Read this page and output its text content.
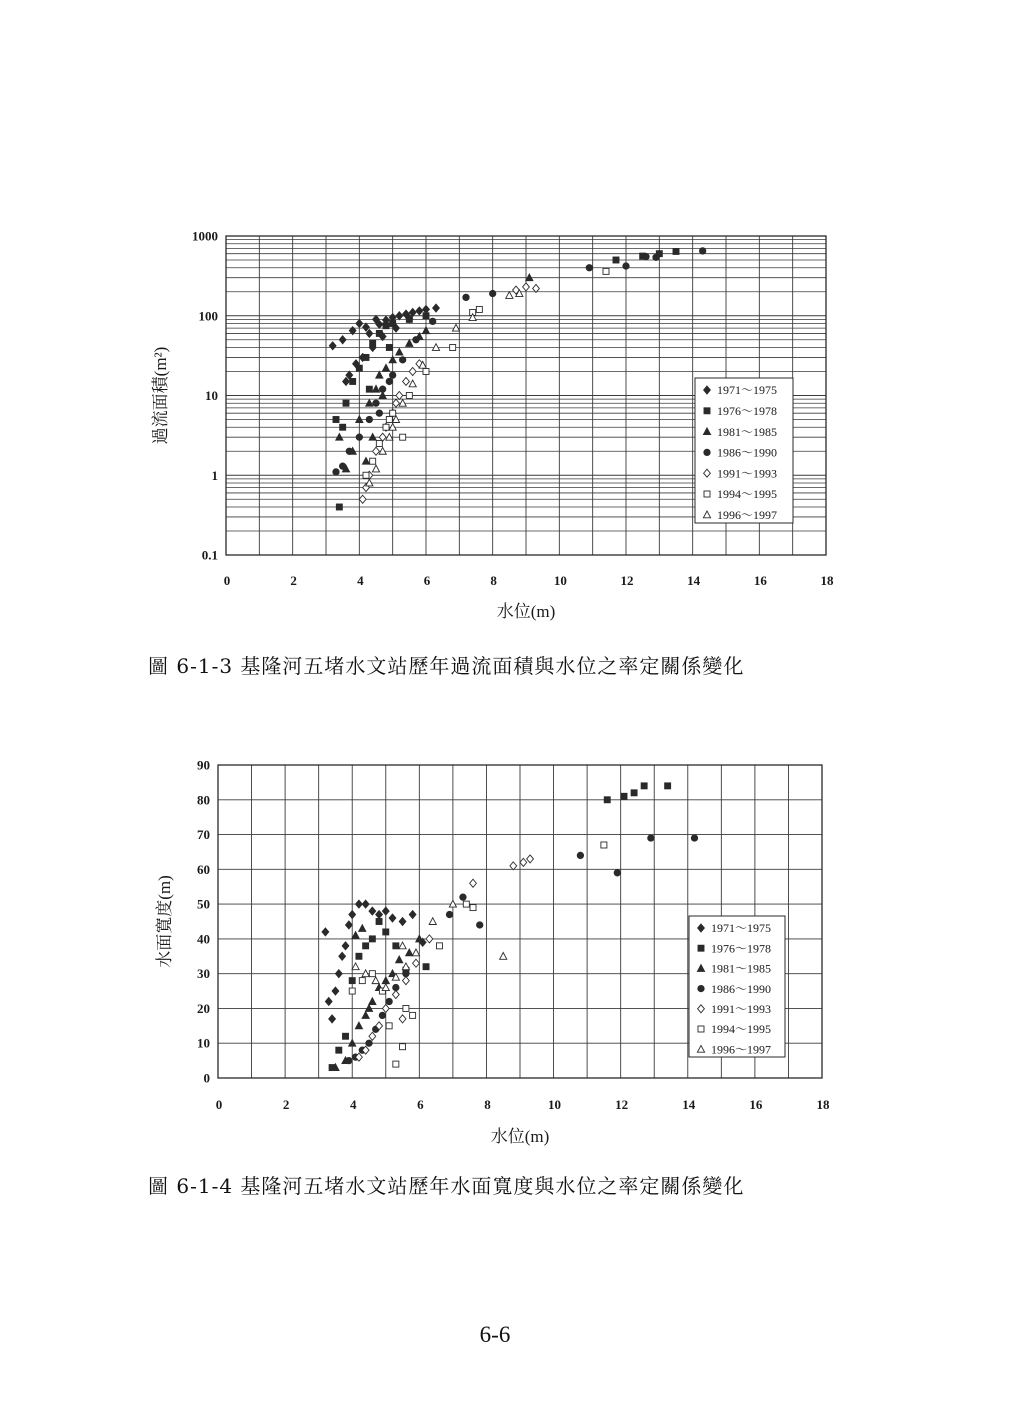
0.1
1
10
100
1000
0	2	4	6	8	10	12	14	16	18
水位(m)
過流面積(m²)	1971～1975
1976～1978
1981～1985
1986～1990
1991～1993
1994～1995
1996～1997
圖 6-1-3 基隆河五堵水文站歷年過流面積與水位之率定關係變化
0
10
20
30
40
50
60
70
80
90
0	2	4	6	8	10	12	14	16	18
水位(m)
水面寬度(m)	1971～1975
1976～1978
1981～1985
1986～1990
1991～1993
1994～1995
1996～1997
圖 6-1-4 基隆河五堵水文站歷年水面寬度與水位之率定關係變化
6-6
